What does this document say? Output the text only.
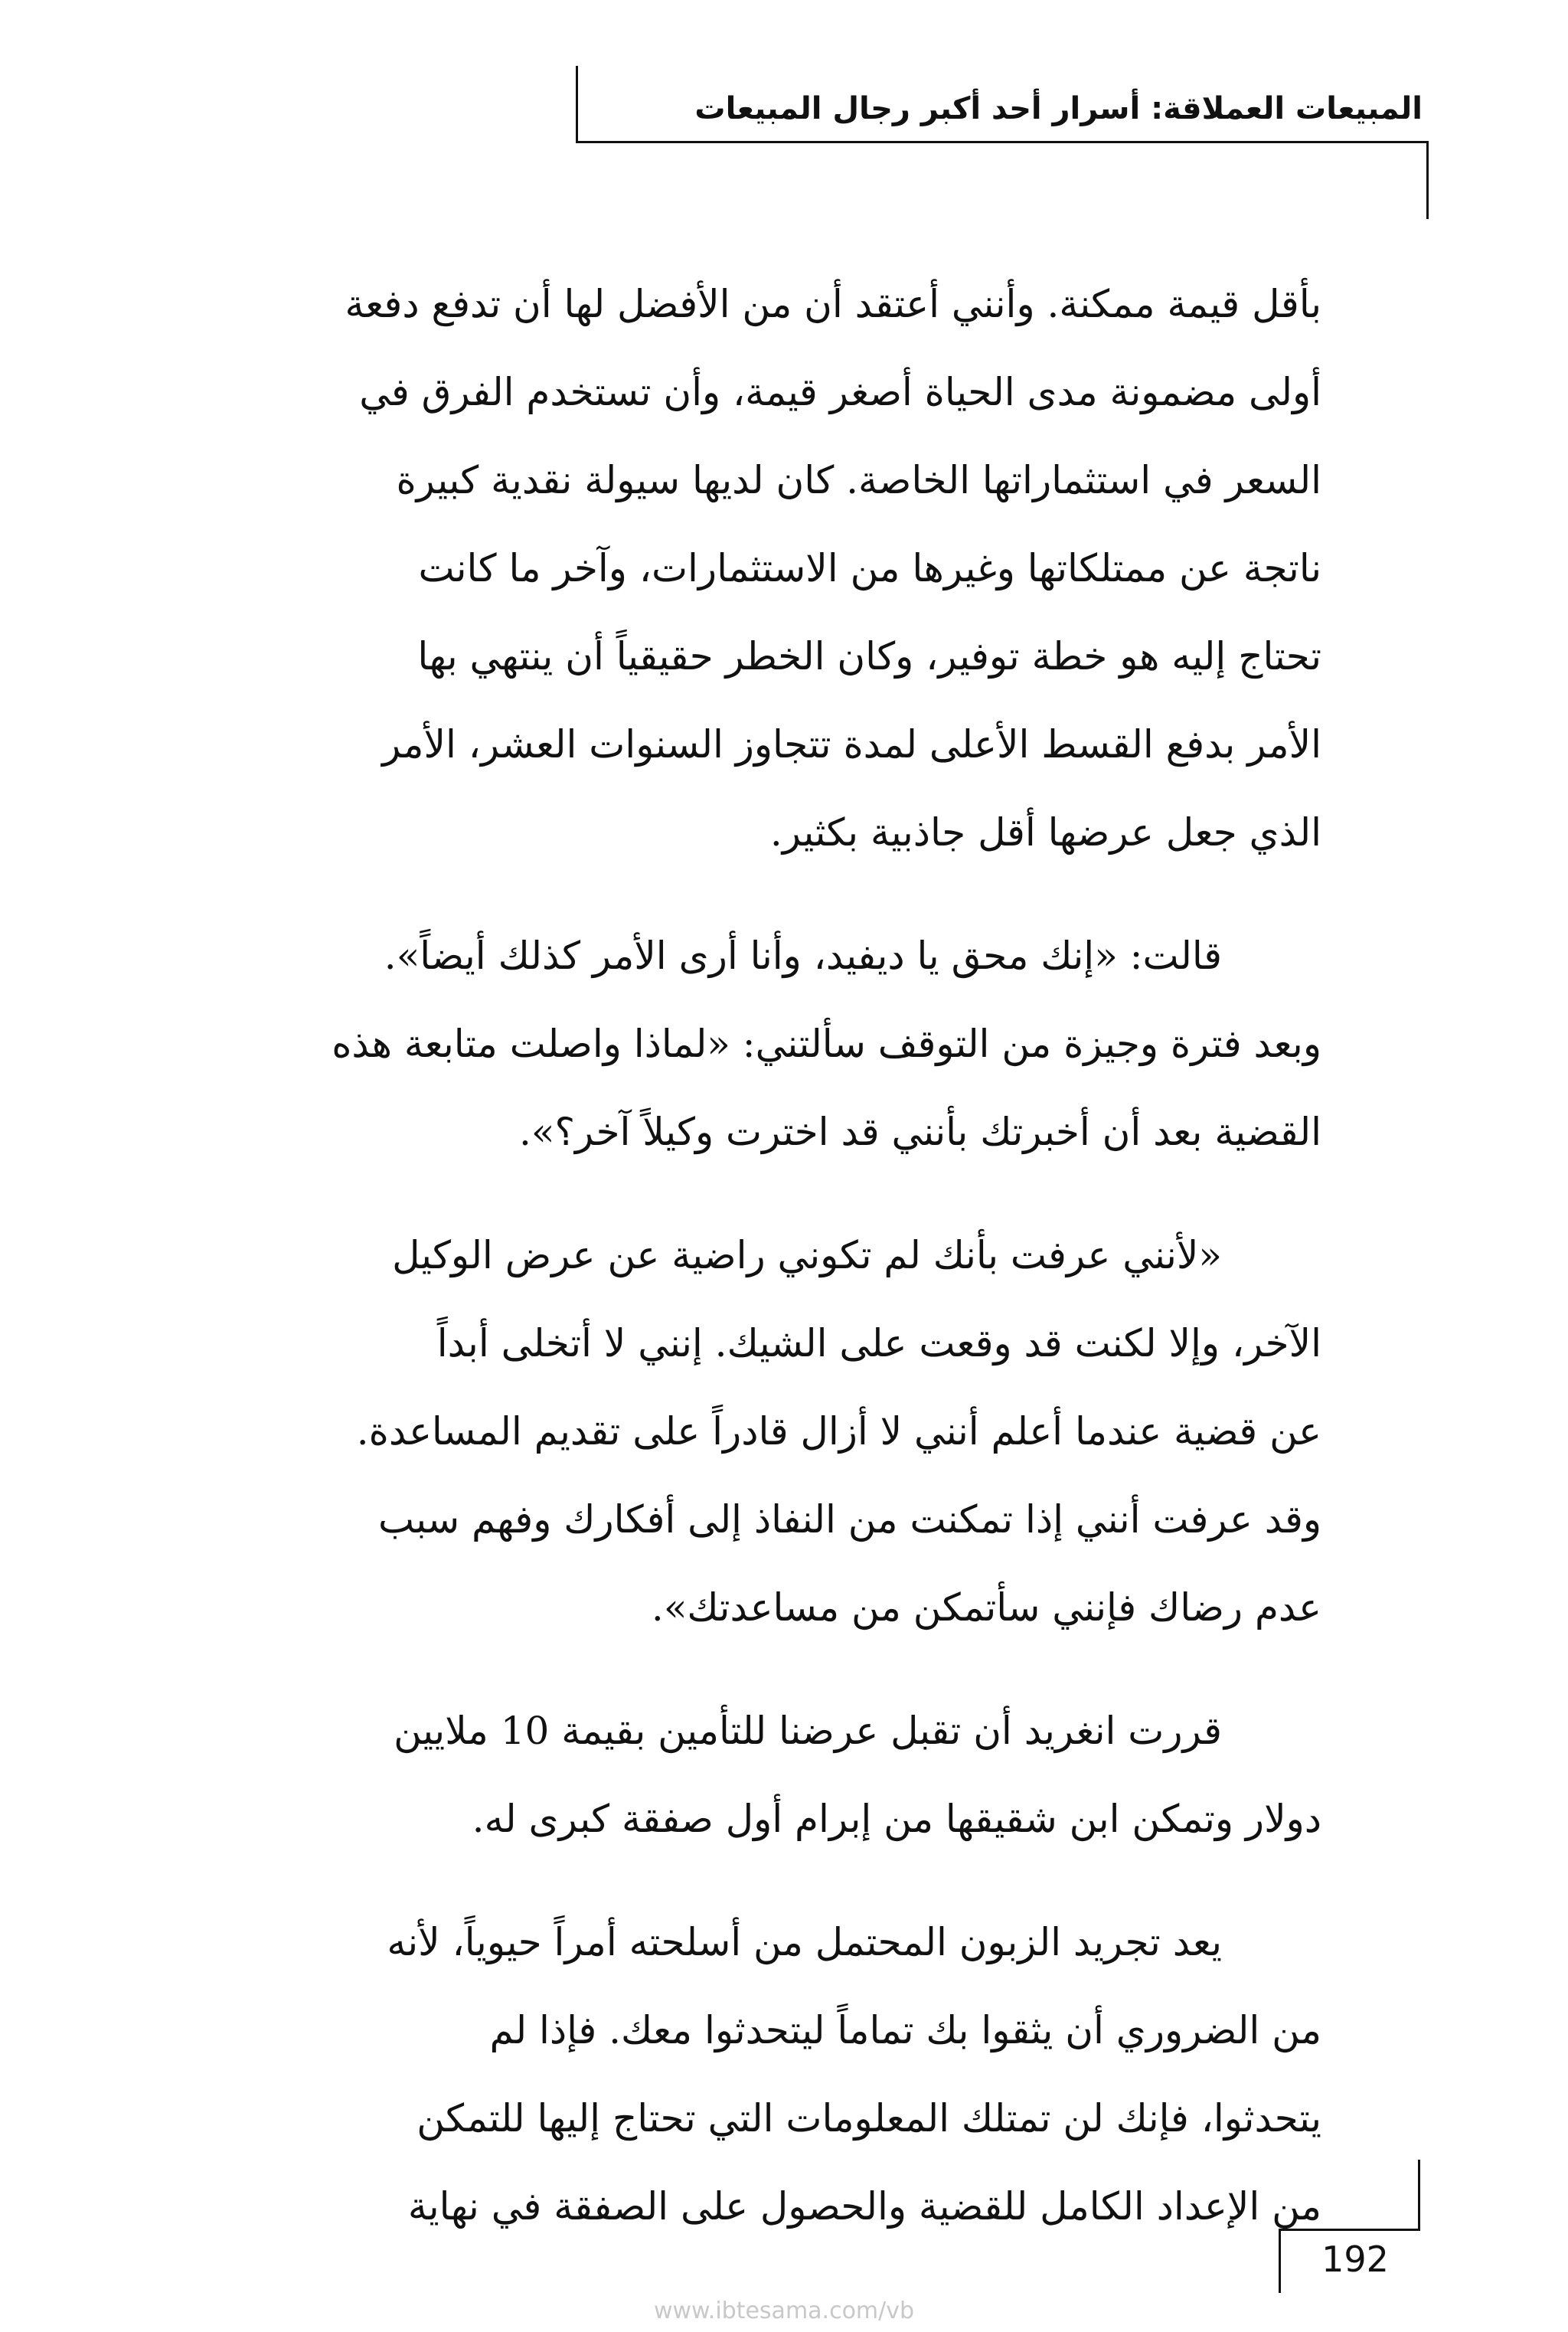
المبيعات العملاقة: أسرار أحد أكبر رجال المبيعات
بأقل قيمة ممكنة. وأنني أعتقد أن من الأفضل لها أن تدفع دفعة
أولى مضمونة مدى الحياة أصغر قيمة، وأن تستخدم الفرق في
السعر في استثماراتها الخاصة. كان لديها سيولة نقدية كبيرة
ناتجة عن ممتلكاتها وغيرها من الاستثمارات، وآخر ما كانت
تحتاج إليه هو خطة توفير، وكان الخطر حقيقياً أن ينتهي بها
الأمر بدفع القسط الأعلى لمدة تتجاوز السنوات العشر، الأمر
الذي جعل عرضها أقل جاذبية بكثير.
قالت: «إنك محق يا ديفيد، وأنا أرى الأمر كذلك أيضاً».
وبعد فترة وجيزة من التوقف سألتني: «لماذا واصلت متابعة هذه
القضية بعد أن أخبرتك بأنني قد اخترت وكيلاً آخر؟».
«لأنني عرفت بأنك لم تكوني راضية عن عرض الوكيل
الآخر، وإلا لكنت قد وقعت على الشيك. إنني لا أتخلى أبداً
عن قضية عندما أعلم أنني لا أزال قادراً على تقديم المساعدة.
وقد عرفت أنني إذا تمكنت من النفاذ إلى أفكارك وفهم سبب
عدم رضاك فإنني سأتمكن من مساعدتك».
قررت انغريد أن تقبل عرضنا للتأمين بقيمة 10 ملايين
دولار وتمكن ابن شقيقها من إبرام أول صفقة كبرى له.
يعد تجريد الزبون المحتمل من أسلحته أمراً حيوياً، لأنه
من الضروري أن يثقوا بك تماماً ليتحدثوا معك. فإذا لم
يتحدثوا، فإنك لن تمتلك المعلومات التي تحتاج إليها للتمكن
من الإعداد الكامل للقضية والحصول على الصفقة في نهاية
192
www.ibtesama.com/vb
